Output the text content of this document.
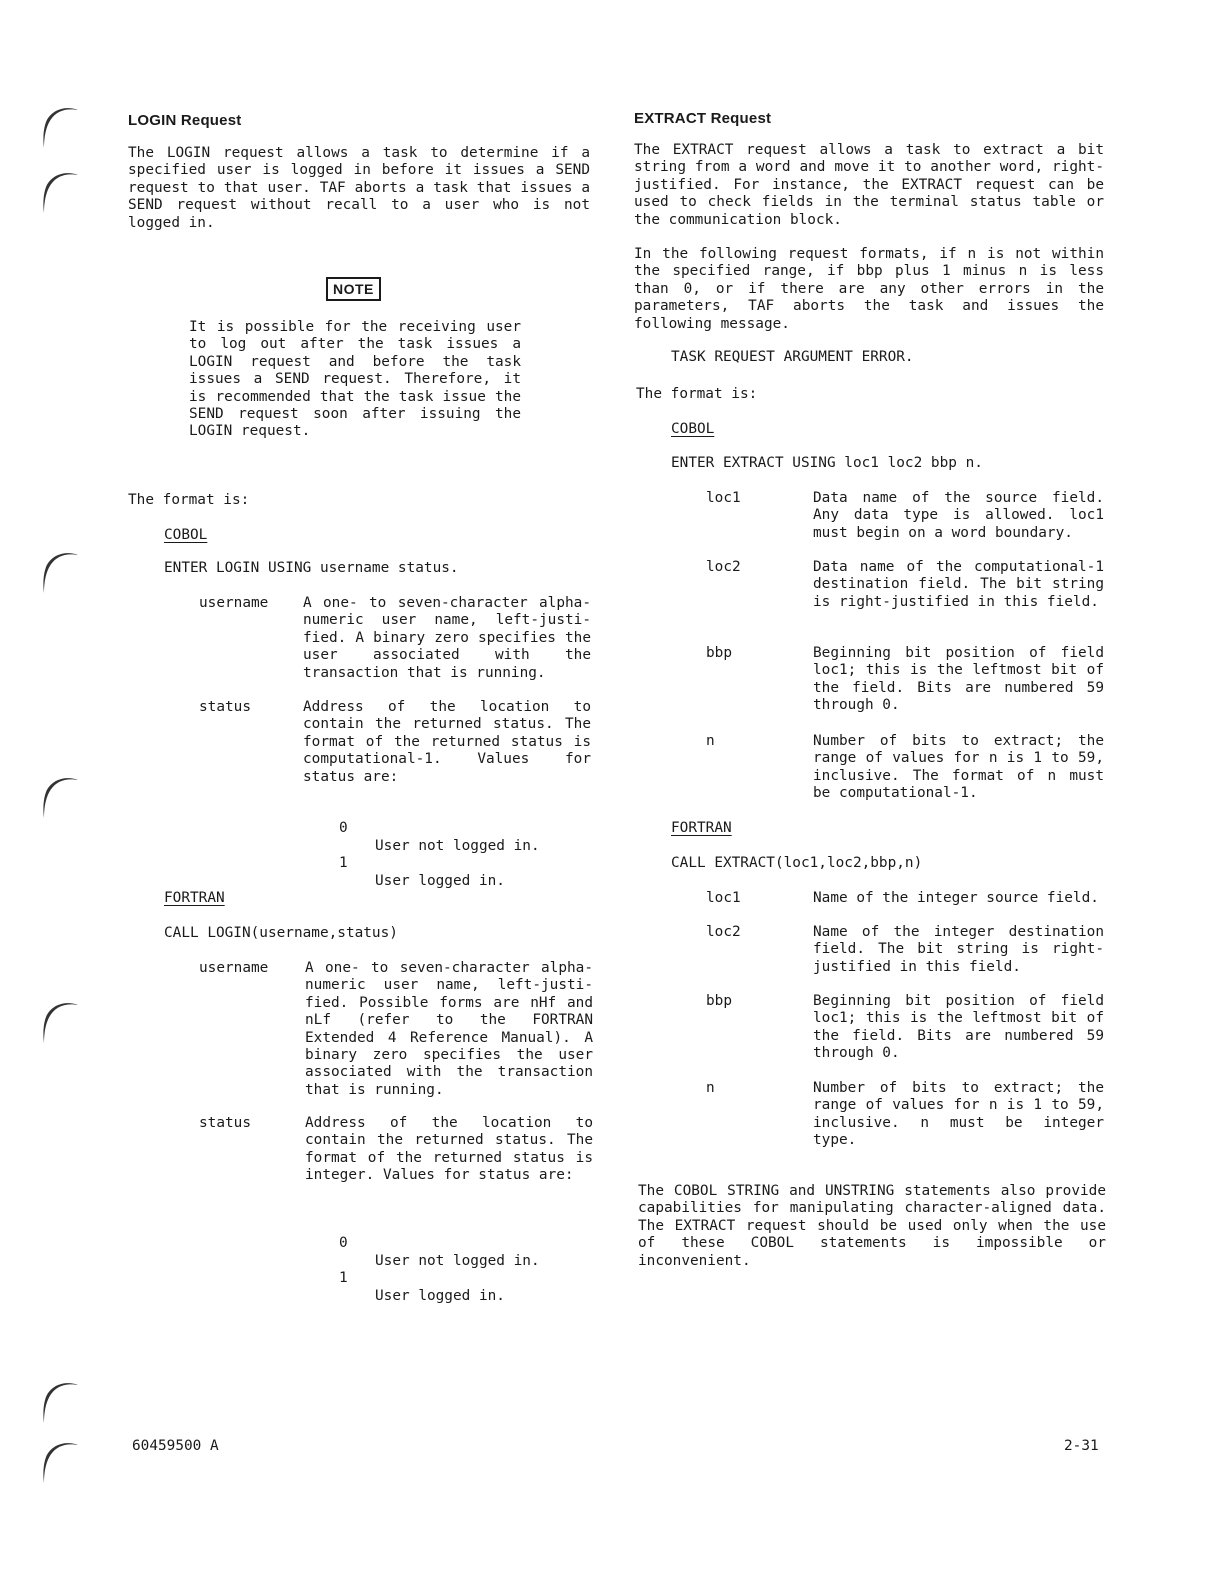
LOGIN Request
The LOGIN request allows a task to determine if a specified user is logged in before it issues a SEND request to that user. TAF aborts a task that issues a SEND request without recall to a user who is not logged in.
NOTE
It is possible for the receiving user to log out after the task issues a LOGIN request and before the task issues a SEND request. Therefore, it is recommended that the task issue the SEND request soon after issuing the LOGIN request.
The format is:
COBOL
ENTER LOGIN USING username status.
username A one- to seven-character alpha-numeric user name, left-justi-fied. A binary zero specifies the user associated with the transaction that is running.
status	Address of the location to contain the returned status. The format of the returned status is computational-1. Values for status are:

0

User not logged in.

1

User logged in.

FORTRAN
CALL LOGIN(username,status)
username	A one- to seven-character alpha-numeric user name, left-justi-fied. Possible forms are nHf and nLf (refer to the FORTRAN Extended 4 Reference Manual). A binary zero specifies the user associated with the transaction that is running.
status	Address of the location to contain the returned status. The format of the returned status is integer. Values for status are:

0

User not logged in.

1

User logged in.

EXTRACT Request
The EXTRACT request allows a task to extract a bit string from a word and move it to another word, right-justified. For instance, the EXTRACT request can be used to check fields in the terminal status table or the communication block.
In the following request formats, if n is not within the specified range, if bbp plus 1 minus n is less than 0, or if there are any other errors in the parameters, TAF aborts the task and issues the following message.
TASK REQUEST ARGUMENT ERROR.
The format is:
COBOL
ENTER EXTRACT USING loc1 loc2 bbp n.
loc1	Data name of the source field. Any data type is allowed. loc1 must begin on a word boundary.
loc2	Data name of the computational-1 destination field. The bit string is right-justified in this field.
bbp	Beginning bit position of field loc1; this is the leftmost bit of the field. Bits are numbered 59 through 0.
n	Number of bits to extract; the range of values for n is 1 to 59, inclusive. The format of n must be computational-1.
FORTRAN
CALL EXTRACT(loc1,loc2,bbp,n)
loc1	Name of the integer source field.
loc2	Name of the integer destination field. The bit string is right-justified in this field.
bbp	Beginning bit position of field loc1; this is the leftmost bit of the field. Bits are numbered 59 through 0.
n	Number of bits to extract; the range of values for n is 1 to 59, inclusive. n must be integer type.
The COBOL STRING and UNSTRING statements also provide capabilities for manipulating character-aligned data. The EXTRACT request should be used only when the use of these COBOL statements is impossible or inconvenient.
60459500 A	2-31
